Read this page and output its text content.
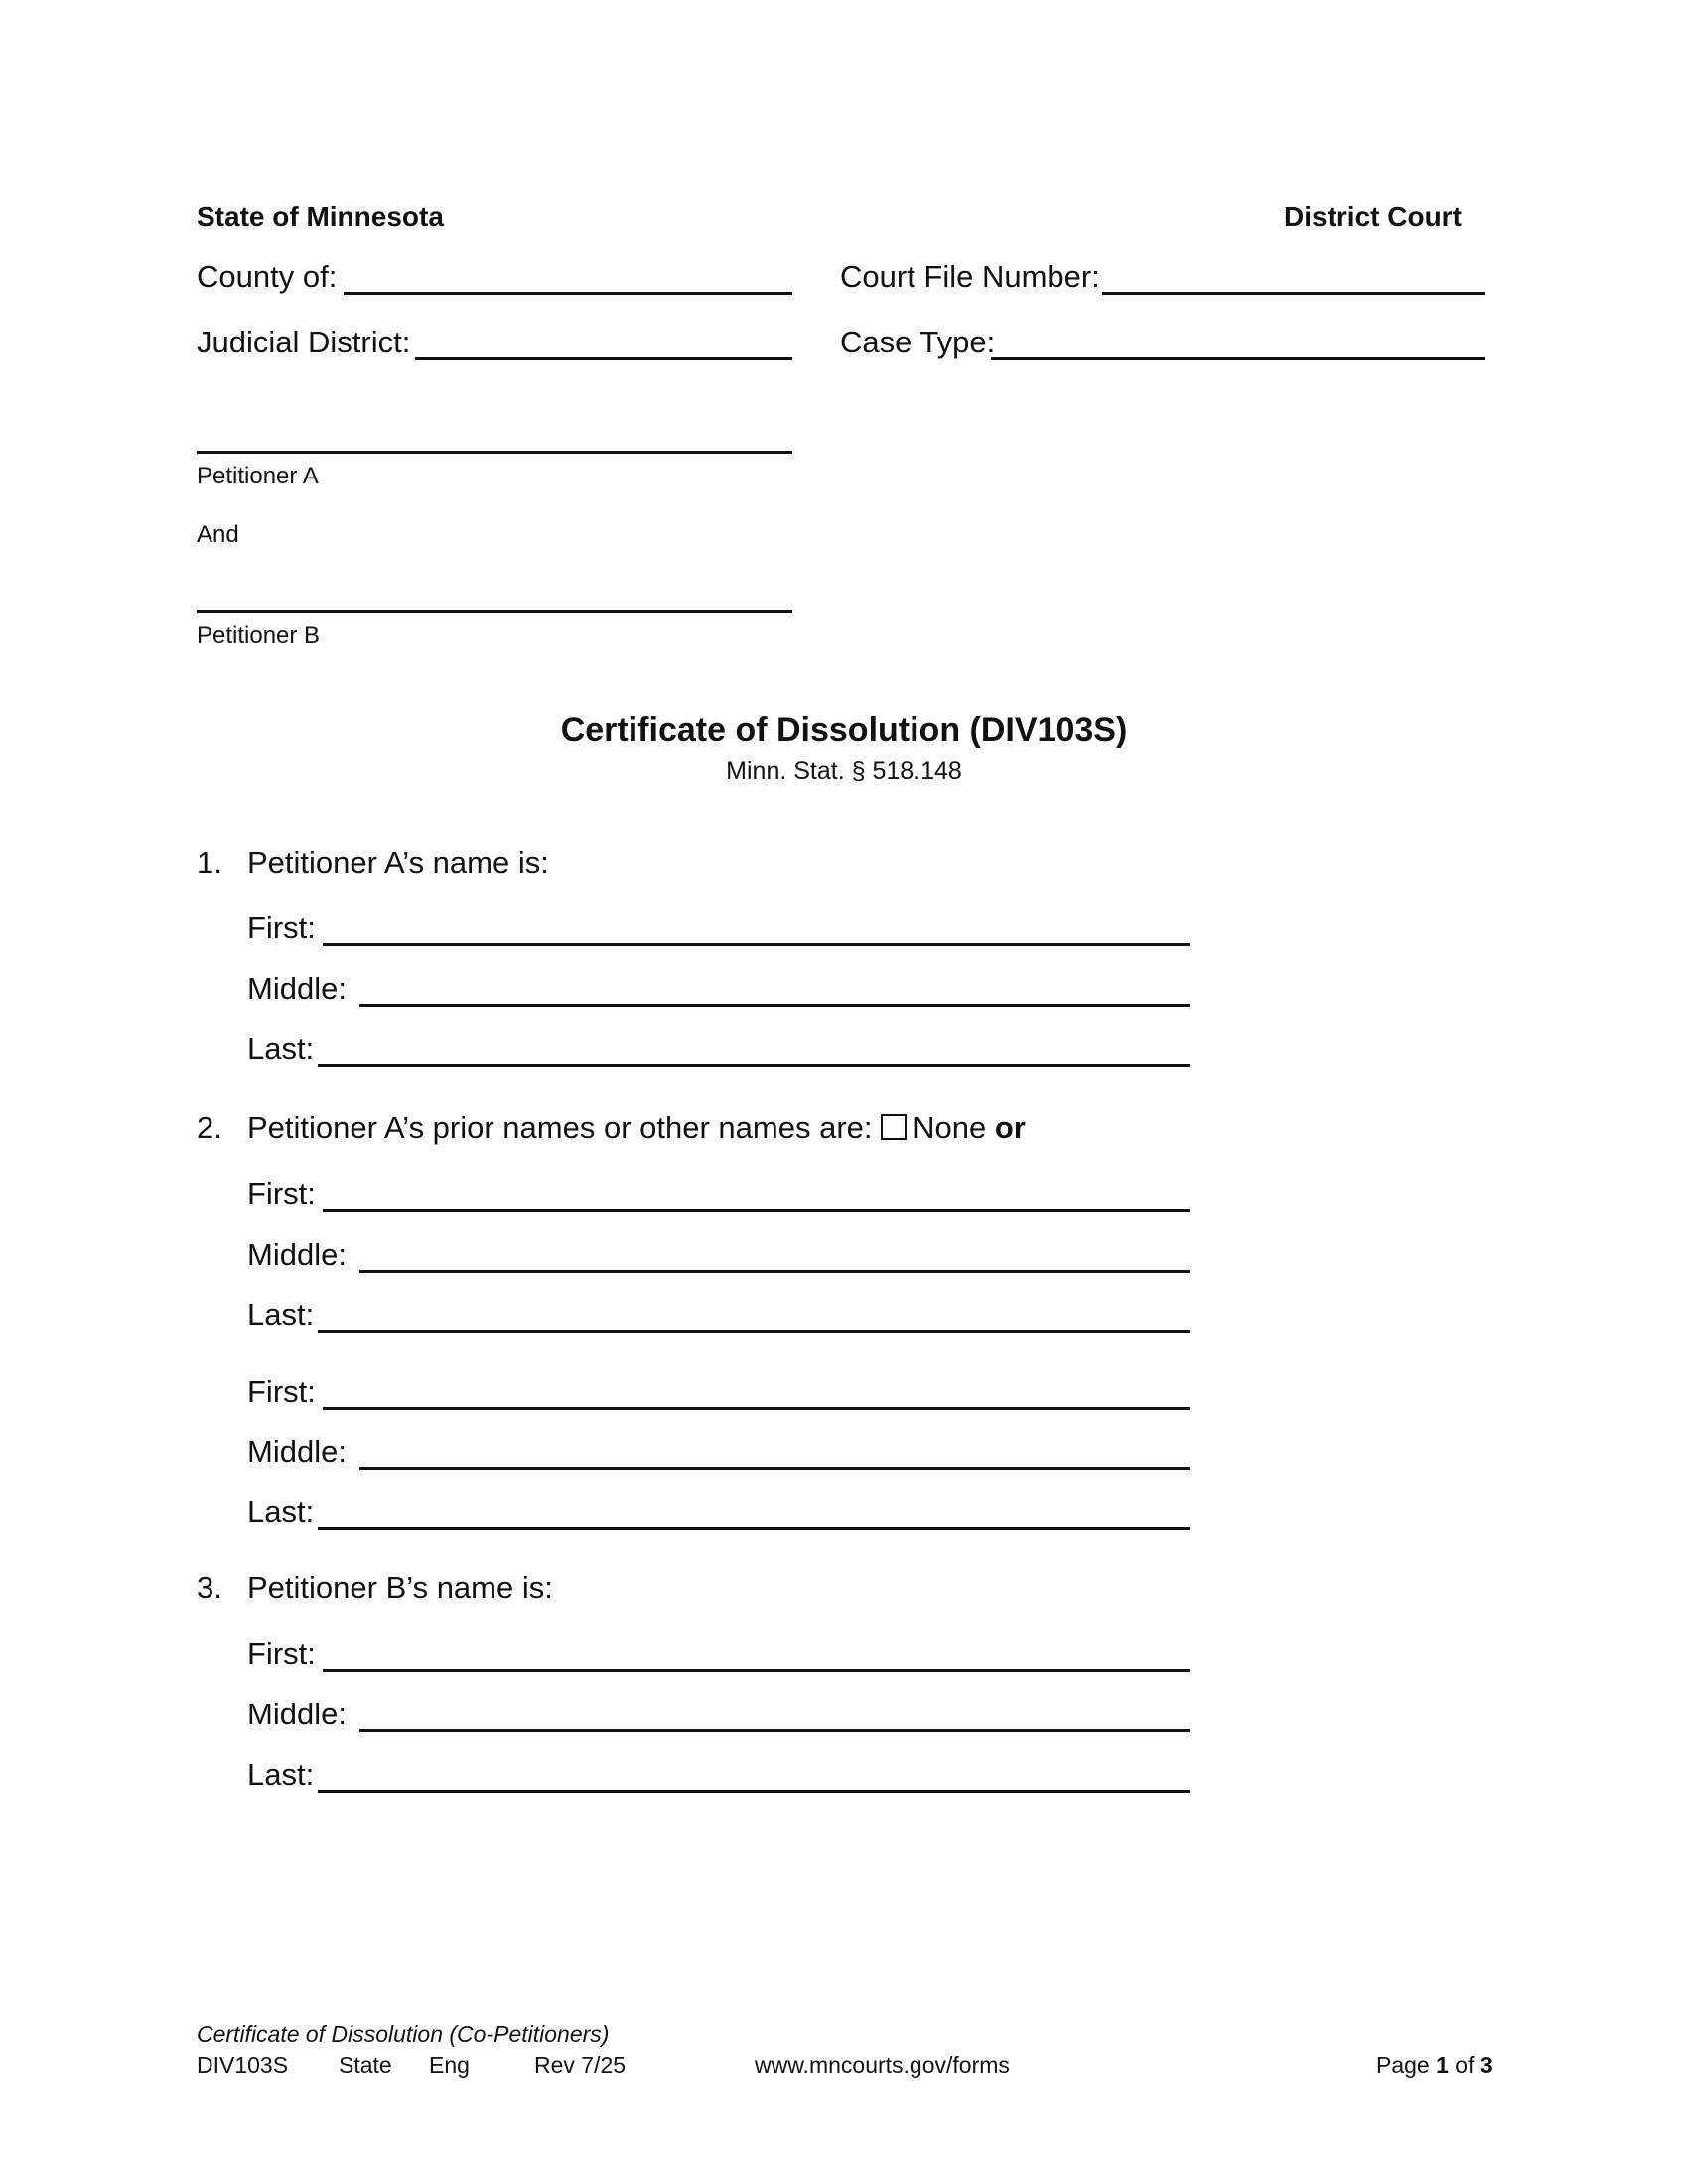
State of Minnesota	District Court
County of:	Court File Number:
Judicial District:	Case Type:
Petitioner A
And
Petitioner B
Certificate of Dissolution (DIV103S)
Minn. Stat. § 518.148
1. Petitioner A’s name is:
First:
Middle:
Last:
2. Petitioner A’s prior names or other names are: None or
First:
Middle:
Last:
First:
Middle:
Last:
3. Petitioner B’s name is:
First:
Middle:
Last:
Certificate of Dissolution (Co-Petitioners)
DIV103S State Eng	Rev 7/25	www.mncourts.gov/forms	Page 1 of 3
